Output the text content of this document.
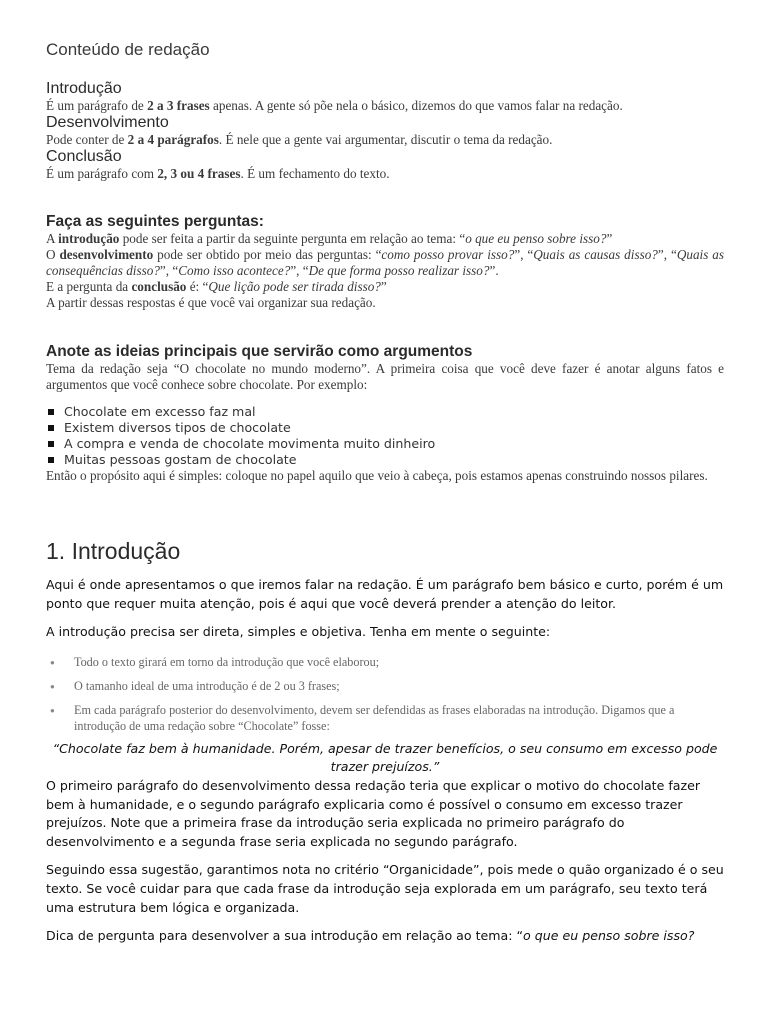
Conteúdo de redação
Introdução
É um parágrafo de 2 a 3 frases apenas. A gente só põe nela o básico, dizemos do que vamos falar na redação.
Desenvolvimento
Pode conter de 2 a 4 parágrafos. É nele que a gente vai argumentar, discutir o tema da redação.
Conclusão
É um parágrafo com 2, 3 ou 4 frases. É um fechamento do texto.
Faça as seguintes perguntas:
A introdução pode ser feita a partir da seguinte pergunta em relação ao tema: “o que eu penso sobre isso?”
O desenvolvimento pode ser obtido por meio das perguntas: “como posso provar isso?”, “Quais as causas disso?”, “Quais as consequências disso?”, “Como isso acontece?”, “De que forma posso realizar isso?”.
E a pergunta da conclusão é: “Que lição pode ser tirada disso?”
A partir dessas respostas é que você vai organizar sua redação.
Anote as ideias principais que servirão como argumentos
Tema da redação seja “O chocolate no mundo moderno”. A primeira coisa que você deve fazer é anotar alguns fatos e argumentos que você conhece sobre chocolate. Por exemplo:
Chocolate em excesso faz mal
Existem diversos tipos de chocolate
A compra e venda de chocolate movimenta muito dinheiro
Muitas pessoas gostam de chocolate
Então o propósito aqui é simples: coloque no papel aquilo que veio à cabeça, pois estamos apenas construindo nossos pilares.
1. Introdução
Aqui é onde apresentamos o que iremos falar na redação. É um parágrafo bem básico e curto, porém é um ponto que requer muita atenção, pois é aqui que você deverá prender a atenção do leitor.
A introdução precisa ser direta, simples e objetiva. Tenha em mente o seguinte:
● Todo o texto girará em torno da introdução que você elaborou;
● O tamanho ideal de uma introdução é de 2 ou 3 frases;
● Em cada parágrafo posterior do desenvolvimento, devem ser defendidas as frases elaboradas na introdução. Digamos que a introdução de uma redação sobre “Chocolate” fosse:
“Chocolate faz bem à humanidade. Porém, apesar de trazer benefícios, o seu consumo em excesso pode trazer prejuízos.”
O primeiro parágrafo do desenvolvimento dessa redação teria que explicar o motivo do chocolate fazer bem à humanidade, e o segundo parágrafo explicaria como é possível o consumo em excesso trazer prejuízos. Note que a primeira frase da introdução seria explicada no primeiro parágrafo do desenvolvimento e a segunda frase seria explicada no segundo parágrafo.
Seguindo essa sugestão, garantimos nota no critério “Organicidade”, pois mede o quão organizado é o seu texto. Se você cuidar para que cada frase da introdução seja explorada em um parágrafo, seu texto terá uma estrutura bem lógica e organizada.
Dica de pergunta para desenvolver a sua introdução em relação ao tema: “o que eu penso sobre isso?
